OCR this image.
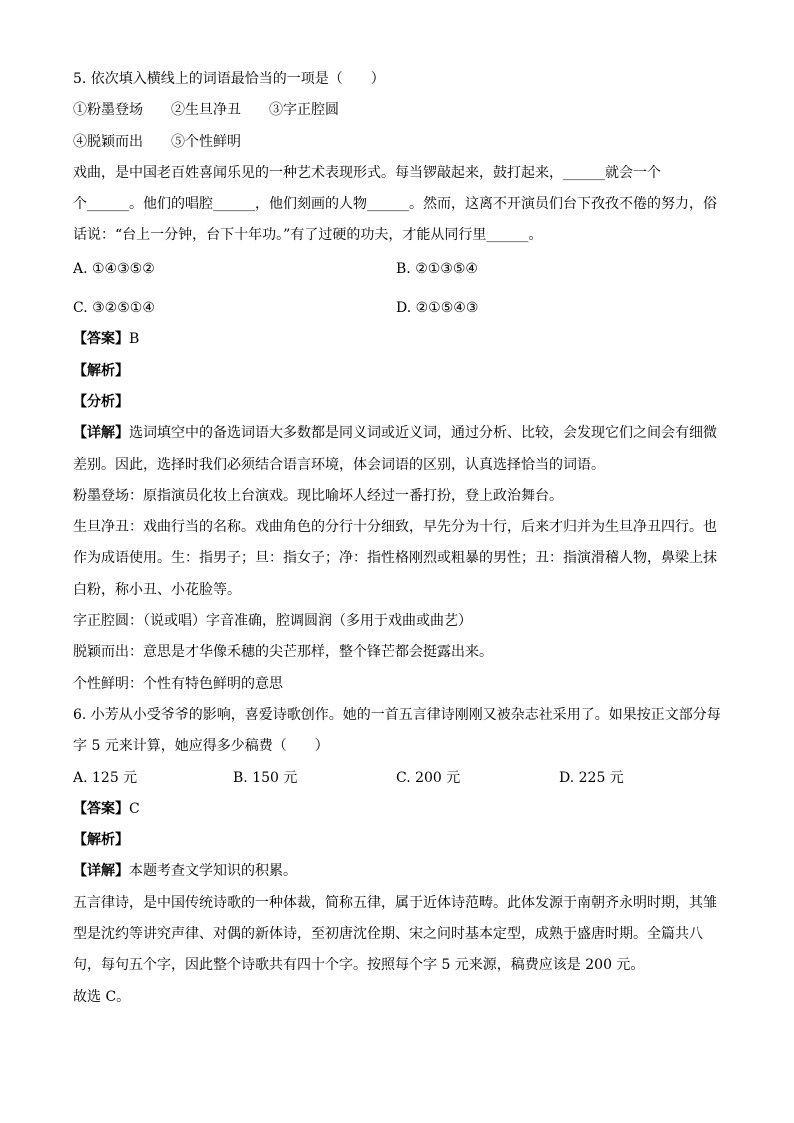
5. 依次填入横线上的词语最恰当的一项是（　　）
①粉墨登场　　②生旦净丑　　③字正腔圆
④脱颖而出　　⑤个性鲜明
戏曲，是中国老百姓喜闻乐见的一种艺术表现形式。每当锣敲起来，鼓打起来，______就会一个
个______。他们的唱腔______，他们刻画的人物______。然而，这离不开演员们台下孜孜不倦的努力，俗
话说：“台上一分钟，台下十年功。”有了过硬的功夫，才能从同行里______。
A. ①④③⑤②	B. ②①③⑤④
C. ③②⑤①④	D. ②①⑤④③
【答案】B
【解析】
【分析】
【详解】选词填空中的备选词语大多数都是同义词或近义词，通过分析、比较，会发现它们之间会有细微
差别。因此，选择时我们必须结合语言环境，体会词语的区别，认真选择恰当的词语。
粉墨登场：原指演员化妆上台演戏。现比喻坏人经过一番打扮，登上政治舞台。
生旦净丑：戏曲行当的名称。戏曲角色的分行十分细致，早先分为十行，后来才归并为生旦净丑四行。也
作为成语使用。生：指男子；旦：指女子；净：指性格刚烈或粗暴的男性；丑：指演滑稽人物，鼻梁上抹
白粉，称小丑、小花脸等。
字正腔圆：（说或唱）字音准确，腔调圆润（多用于戏曲或曲艺）
脱颖而出：意思是才华像禾穗的尖芒那样，整个锋芒都会挺露出来。
个性鲜明：个性有特色鲜明的意思
6. 小芳从小受爷爷的影响，喜爱诗歌创作。她的一首五言律诗刚刚又被杂志社采用了。如果按正文部分每
字 5 元来计算，她应得多少稿费（　　）
A. 125 元	B. 150 元	C. 200 元	D. 225 元
【答案】C
【解析】
【详解】本题考查文学知识的积累。
五言律诗，是中国传统诗歌的一种体裁，简称五律，属于近体诗范畴。此体发源于南朝齐永明时期，其雏
型是沈约等讲究声律、对偶的新体诗，至初唐沈佺期、宋之问时基本定型，成熟于盛唐时期。全篇共八
句，每句五个字，因此整个诗歌共有四十个字。按照每个字 5 元来源，稿费应该是 200 元。
故选 C。
